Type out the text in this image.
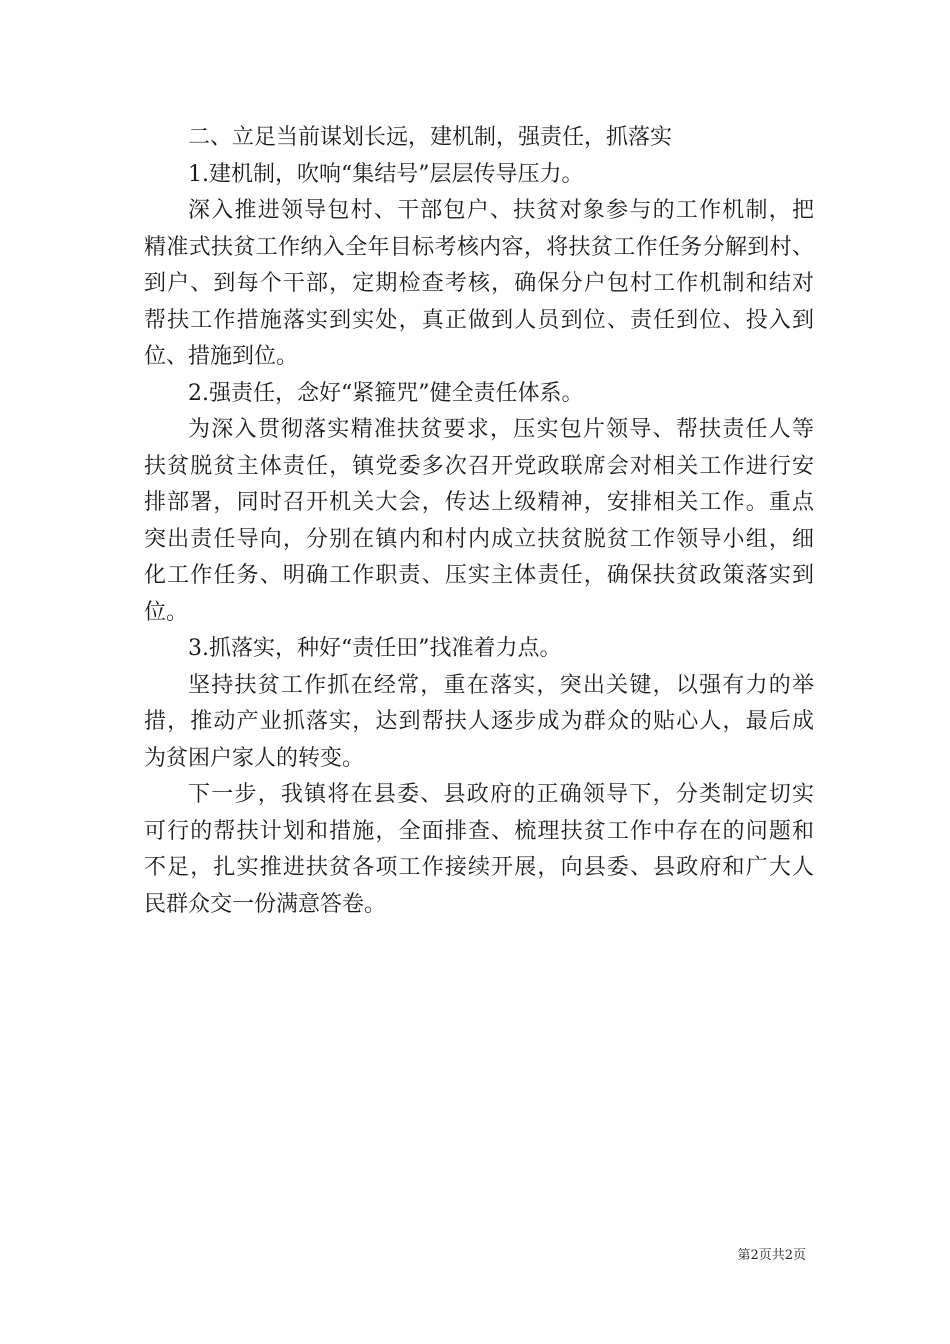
二、立足当前谋划长远，建机制，强责任，抓落实
1.建机制，吹响“集结号”层层传导压力。
深入推进领导包村、干部包户、扶贫对象参与的工作机制，把
精准式扶贫工作纳入全年目标考核内容，将扶贫工作任务分解到村、
到户、到每个干部，定期检查考核，确保分户包村工作机制和结对
帮扶工作措施落实到实处，真正做到人员到位、责任到位、投入到
位、措施到位。
2.强责任，念好“紧箍咒”健全责任体系。
为深入贯彻落实精准扶贫要求，压实包片领导、帮扶责任人等
扶贫脱贫主体责任，镇党委多次召开党政联席会对相关工作进行安
排部署，同时召开机关大会，传达上级精神，安排相关工作。重点
突出责任导向，分别在镇内和村内成立扶贫脱贫工作领导小组，细
化工作任务、明确工作职责、压实主体责任，确保扶贫政策落实到
位。
3.抓落实，种好“责任田”找准着力点。
坚持扶贫工作抓在经常，重在落实，突出关键，以强有力的举
措，推动产业抓落实，达到帮扶人逐步成为群众的贴心人，最后成
为贫困户家人的转变。
下一步，我镇将在县委、县政府的正确领导下，分类制定切实
可行的帮扶计划和措施，全面排查、梳理扶贫工作中存在的问题和
不足，扎实推进扶贫各项工作接续开展，向县委、县政府和广大人
民群众交一份满意答卷。
第2页共2页
